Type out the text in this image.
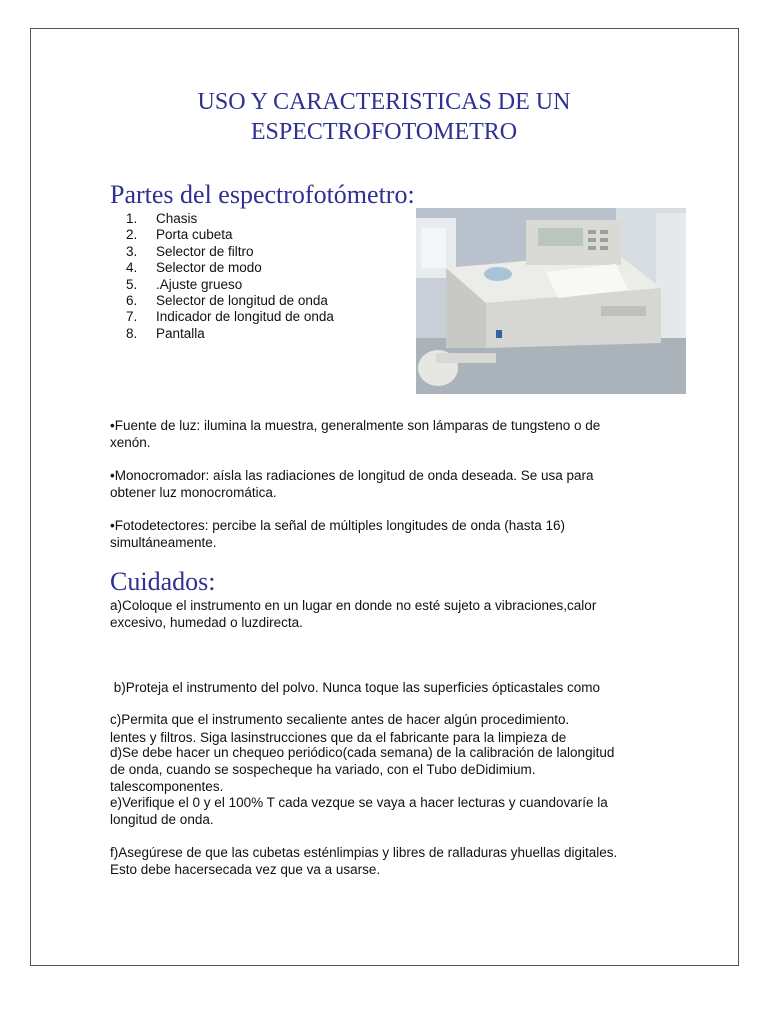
USO Y CARACTERISTICAS DE UN
ESPECTROFOTOMETRO
Partes del espectrofotómetro:
1. Chasis
2. Porta cubeta
3. Selector de filtro
4. Selector de modo
5. .Ajuste grueso
6. Selector de longitud de onda
7. Indicador de longitud de onda
8. Pantalla
•Fuente de luz: ilumina la muestra, generalmente son lámparas de tungsteno o de
xenón.
•Monocromador: aísla las radiaciones de longitud de onda deseada. Se usa para
obtener luz monocromática.
•Fotodetectores: percibe la señal de múltiples longitudes de onda (hasta 16)
simultáneamente.
Cuidados:
a)Coloque el instrumento en un lugar en donde no esté sujeto a vibraciones,calor
excesivo, humedad o luzdirecta.

b)Proteja el instrumento del polvo. Nunca toque las superficies ópticastales como

lentes y filtros. Siga lasinstrucciones que da el fabricante para la limpieza de

talescomponentes.

c)Permita que el instrumento secaliente antes de hacer algún procedimiento.
d)Se debe hacer un chequeo periódico(cada semana) de la calibración de lalongitud
de onda, cuando se sospecheque ha variado, con el Tubo deDidimium.
e)Verifique el 0 y el 100% T cada vezque se vaya a hacer lecturas y cuandovaríe la
longitud de onda.
f)Asegúrese de que las cubetas esténlimpias y libres de ralladuras yhuellas digitales.
Esto debe hacersecada vez que va a usarse.
